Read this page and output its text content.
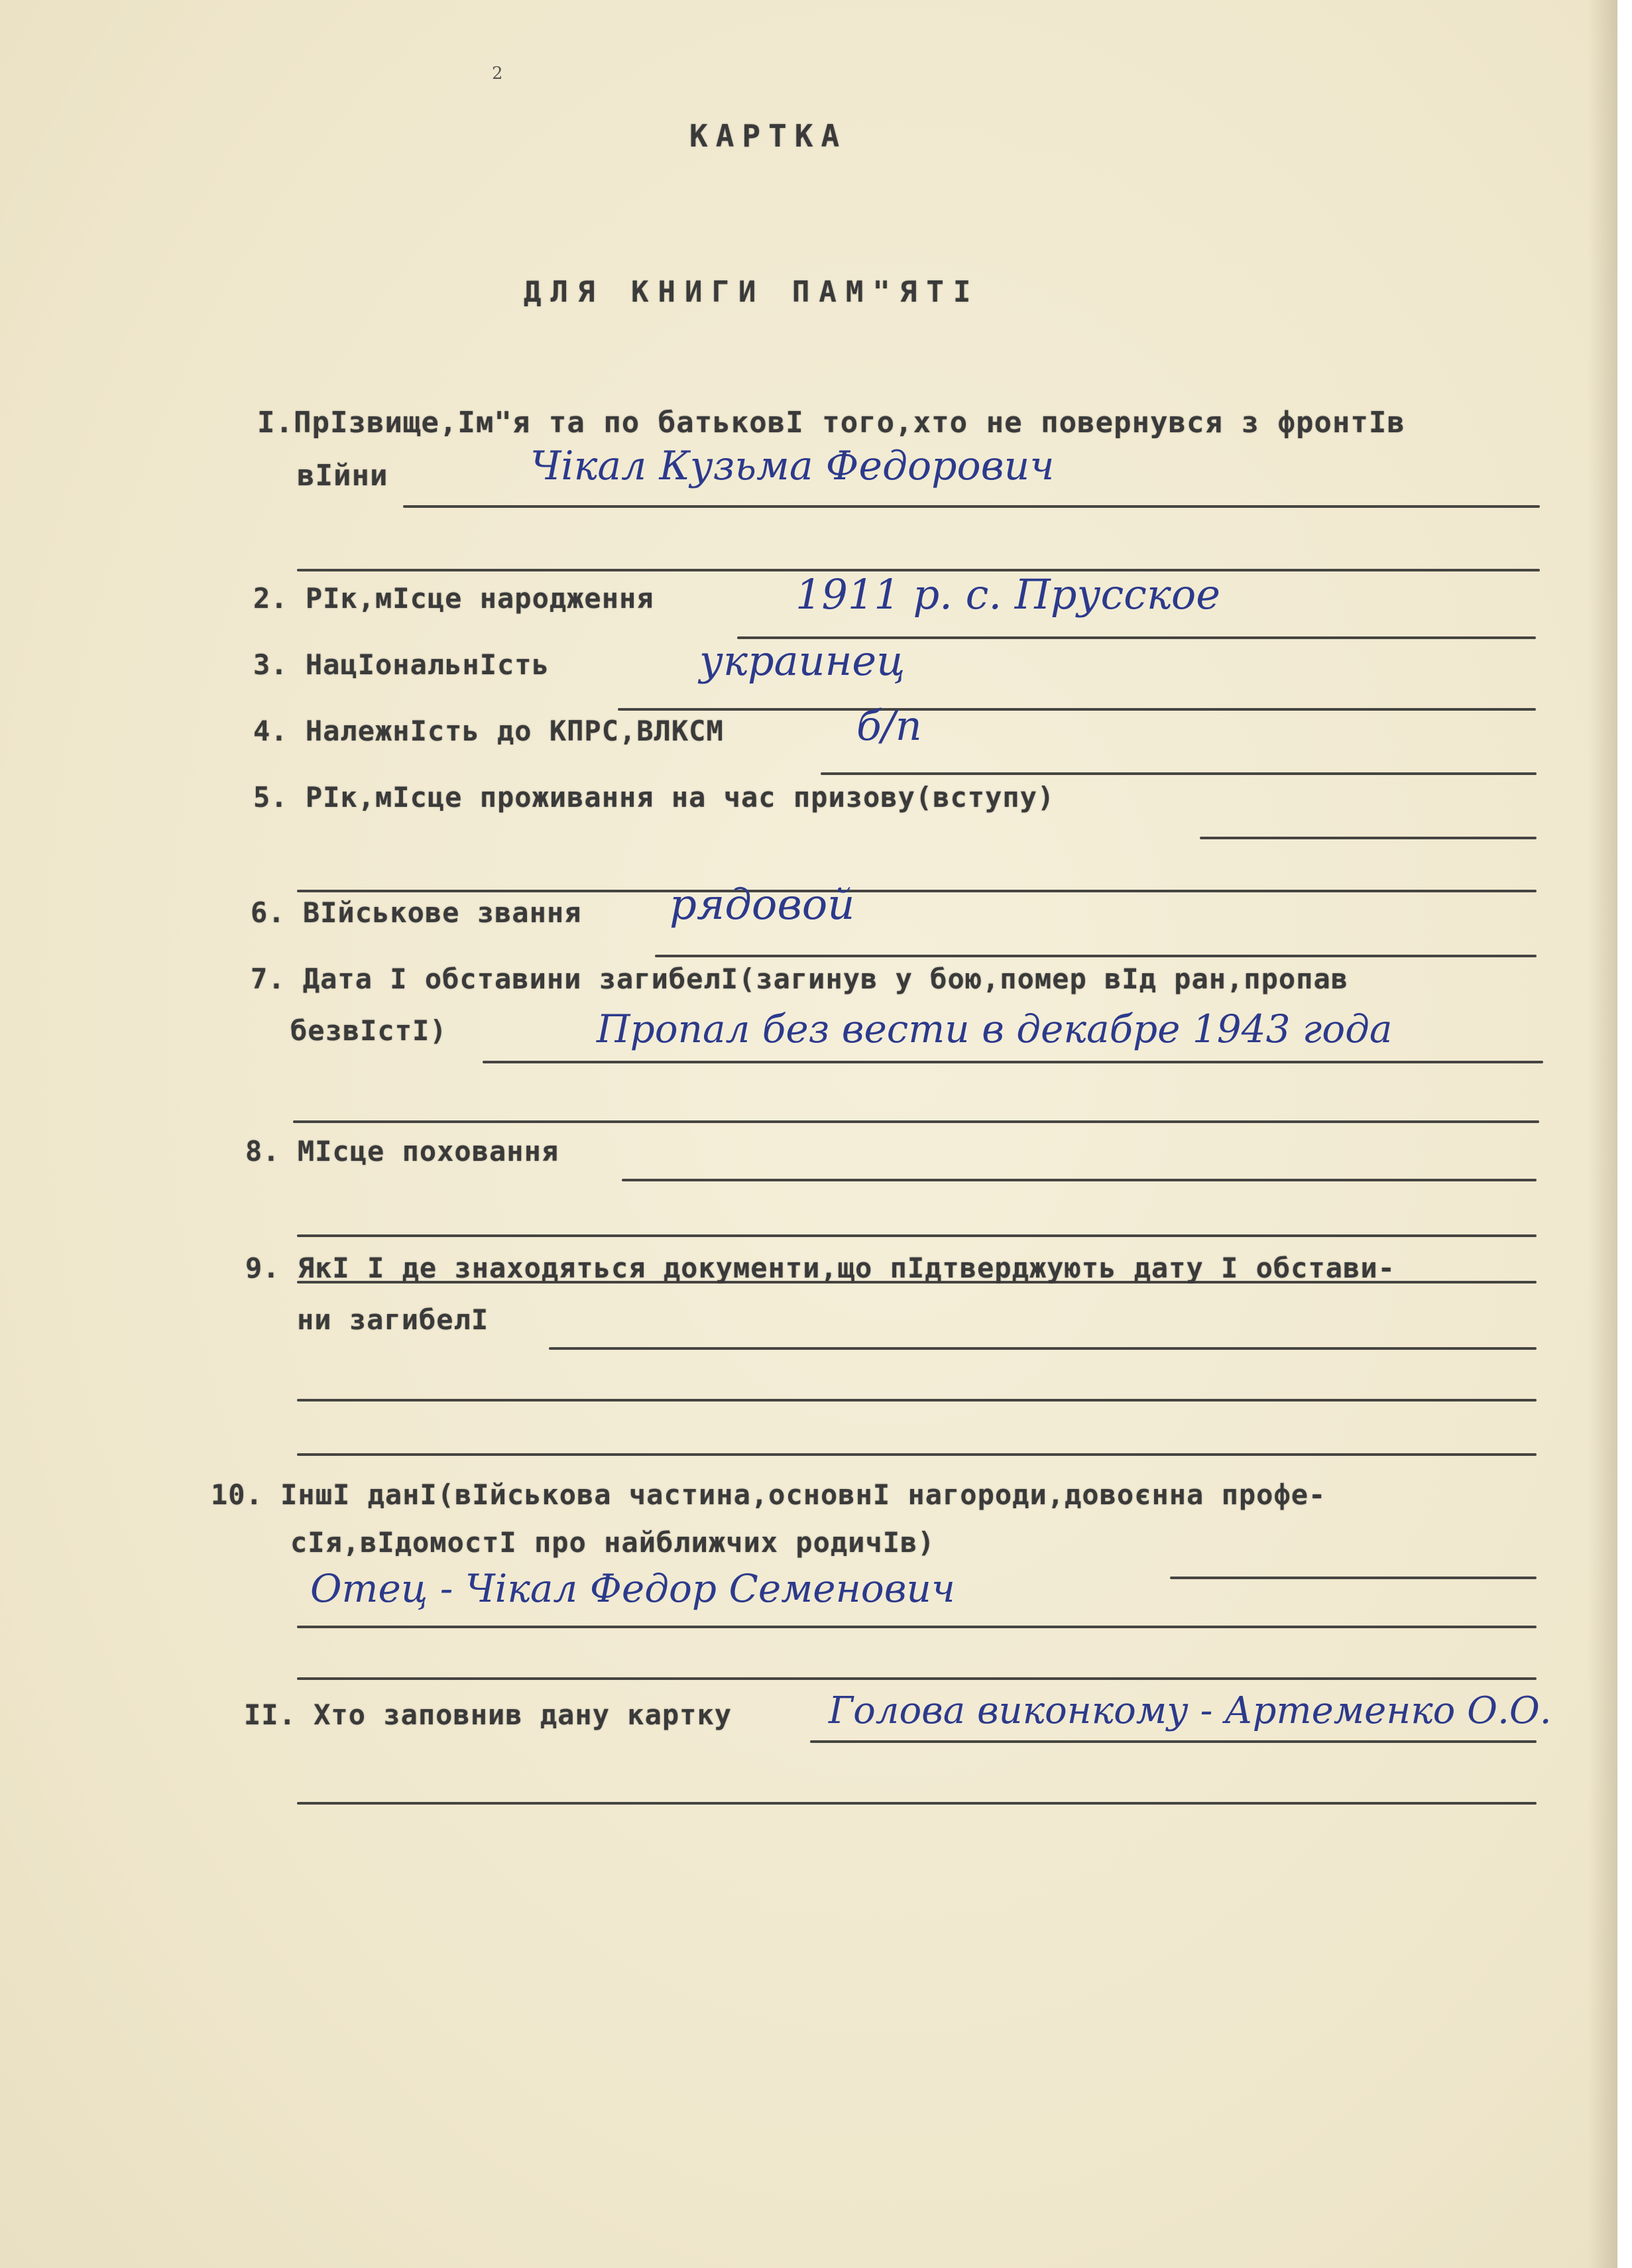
2
КАРТКА
ДЛЯ КНИГИ ПАМ"ЯТІ
І.ПрІзвище,Ім"я та по батьковІ того,хто не повернувся з фронтІв
вІйни	Чікал Кузьма Федорович
2. РІк,мІсце народження	1911 р. с. Прусское
3. НацІональнІсть	украинец
4. НалежнІсть до КПРС,ВЛКСМ	б/п
5. РІк,мІсце проживання на час призову(вступу)
6. ВІйськове звання рядовой
7. Дата І обставини загибелІ(загинув у бою,помер вІд ран,пропав
безвІстІ)	Пропал без вести в декабре 1943 года
8. МІсце поховання
9. ЯкІ І де знаходяться документи,що пІдтверджують дату І обстави-
ни загибелІ
10. ІншІ данІ(вІйськова частина,основнІ нагороди,довоєнна профе-
сІя,вІдомостІ про найближчих родичІв)
Отец - Чікал Федор Семенович
ІІ. Хто заповнив дану картку	Голова виконкому - Артеменко О.О.
